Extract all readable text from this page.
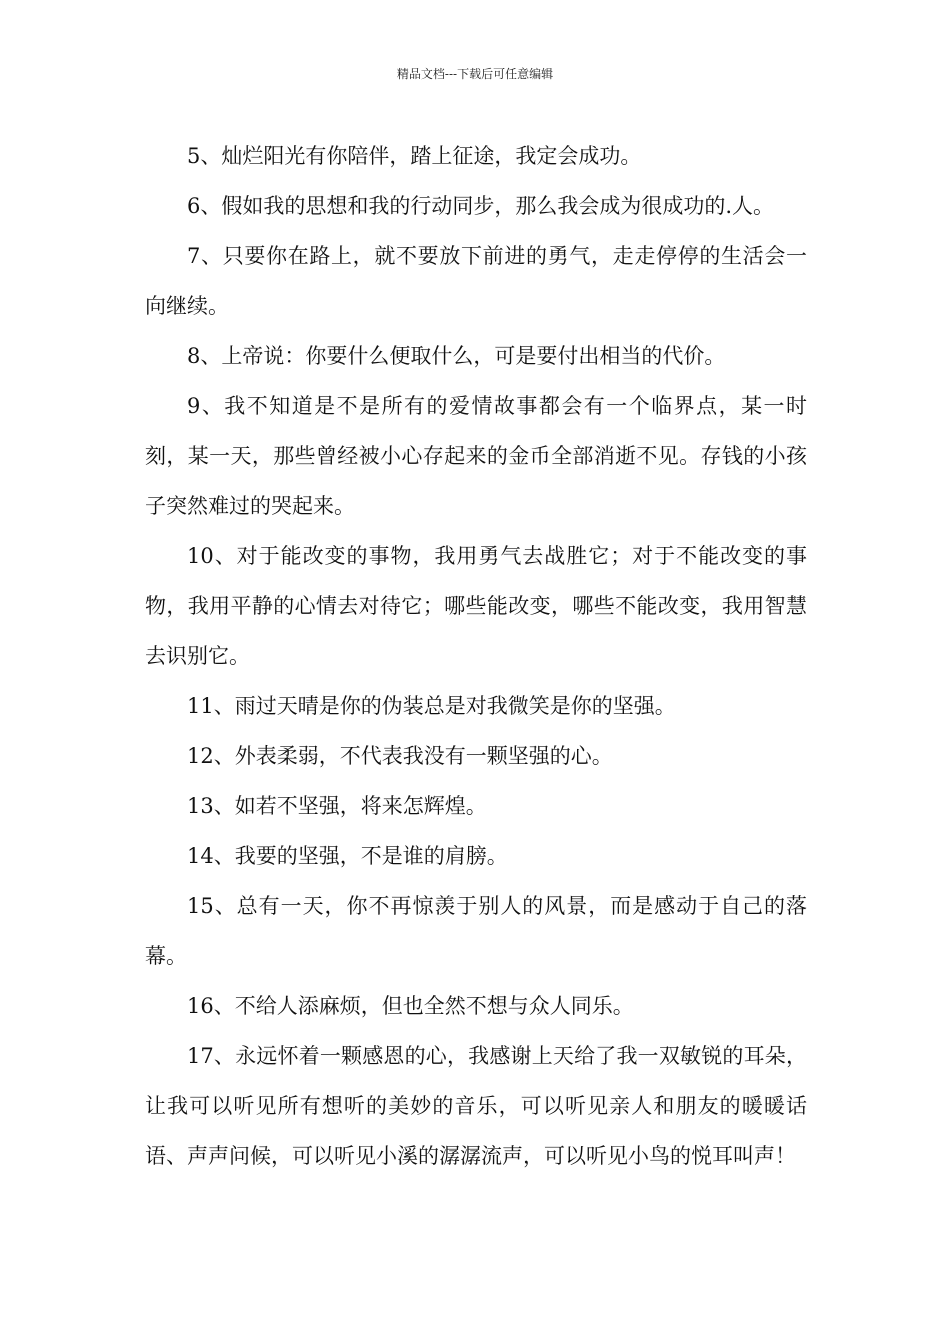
精品文档---下载后可任意编辑

5、灿烂阳光有你陪伴，踏上征途，我定会成功。

6、假如我的思想和我的行动同步，那么我会成为很成功的.人。

7、只要你在路上，就不要放下前进的勇气，走走停停的生活会一向继续。

8、上帝说：你要什么便取什么，可是要付出相当的代价。

9、我不知道是不是所有的爱情故事都会有一个临界点，某一时刻，某一天，那些曾经被小心存起来的金币全部消逝不见。存钱的小孩子突然难过的哭起来。

10、对于能改变的事物，我用勇气去战胜它；对于不能改变的事物，我用平静的心情去对待它；哪些能改变，哪些不能改变，我用智慧去识别它。

11、雨过天晴是你的伪装总是对我微笑是你的坚强。

12、外表柔弱，不代表我没有一颗坚强的心。

13、如若不坚强，将来怎辉煌。

14、我要的坚强，不是谁的肩膀。

15、总有一天，你不再惊羡于别人的风景，而是感动于自己的落幕。

16、不给人添麻烦，但也全然不想与众人同乐。

17、永远怀着一颗感恩的心，我感谢上天给了我一双敏锐的耳朵，让我可以听见所有想听的美妙的音乐，可以听见亲人和朋友的暖暖话语、声声问候，可以听见小溪的潺潺流声，可以听见小鸟的悦耳叫声！
